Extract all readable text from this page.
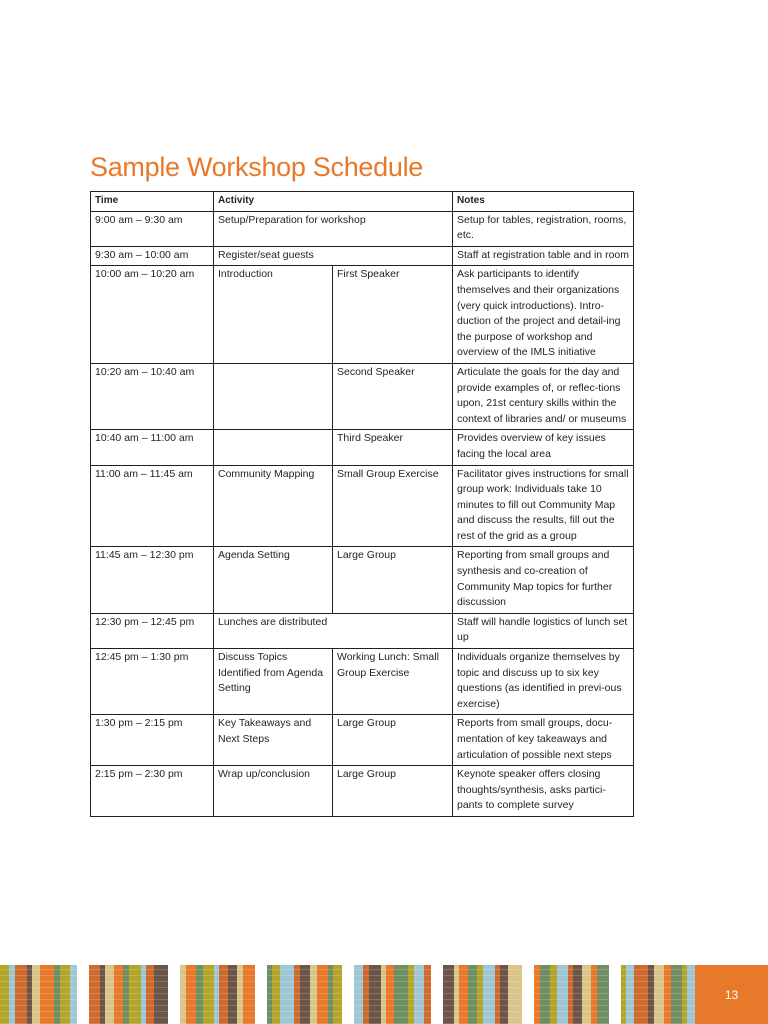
Sample Workshop Schedule
Time	Activity		Notes
9:00 am – 9:30 am	Setup/Preparation for workshop		Setup for tables, registration, rooms, etc.
9:30 am – 10:00 am	Register/seat guests		Staff at registration table and in room
10:00 am – 10:20 am	Introduction	First Speaker	Ask participants to identify themselves and their organizations (very quick introductions). Intro-duction of the project and detail-ing the purpose of workshop and overview of the IMLS initiative
10:20 am – 10:40 am		Second Speaker	Articulate the goals for the day and provide examples of, or reflec-tions upon, 21st century skills within the context of libraries and/ or museums
10:40 am – 11:00 am		Third Speaker	Provides overview of key issues facing the local area
11:00 am – 11:45 am	Community Mapping	Small Group Exercise	Facilitator gives instructions for small group work: Individuals take 10 minutes to fill out Community Map and discuss the results, fill out the rest of the grid as a group
11:45 am – 12:30 pm	Agenda Setting	Large Group	Reporting from small groups and synthesis and co-creation of Community Map topics for further discussion
12:30 pm – 12:45 pm	Lunches are distributed		Staff will handle logistics of lunch set up
12:45 pm – 1:30 pm	Discuss Topics Identified from Agenda Setting	Working Lunch: Small Group Exercise	Individuals organize themselves by topic and discuss up to six key questions (as identified in previ-ous exercise)
1:30 pm – 2:15 pm	Key Takeaways and Next Steps	Large Group	Reports from small groups, docu-mentation of key takeaways and articulation of possible next steps
2:15 pm – 2:30 pm	Wrap up/conclusion	Large Group	Keynote speaker offers closing thoughts/synthesis, asks partici-pants to complete survey
13
